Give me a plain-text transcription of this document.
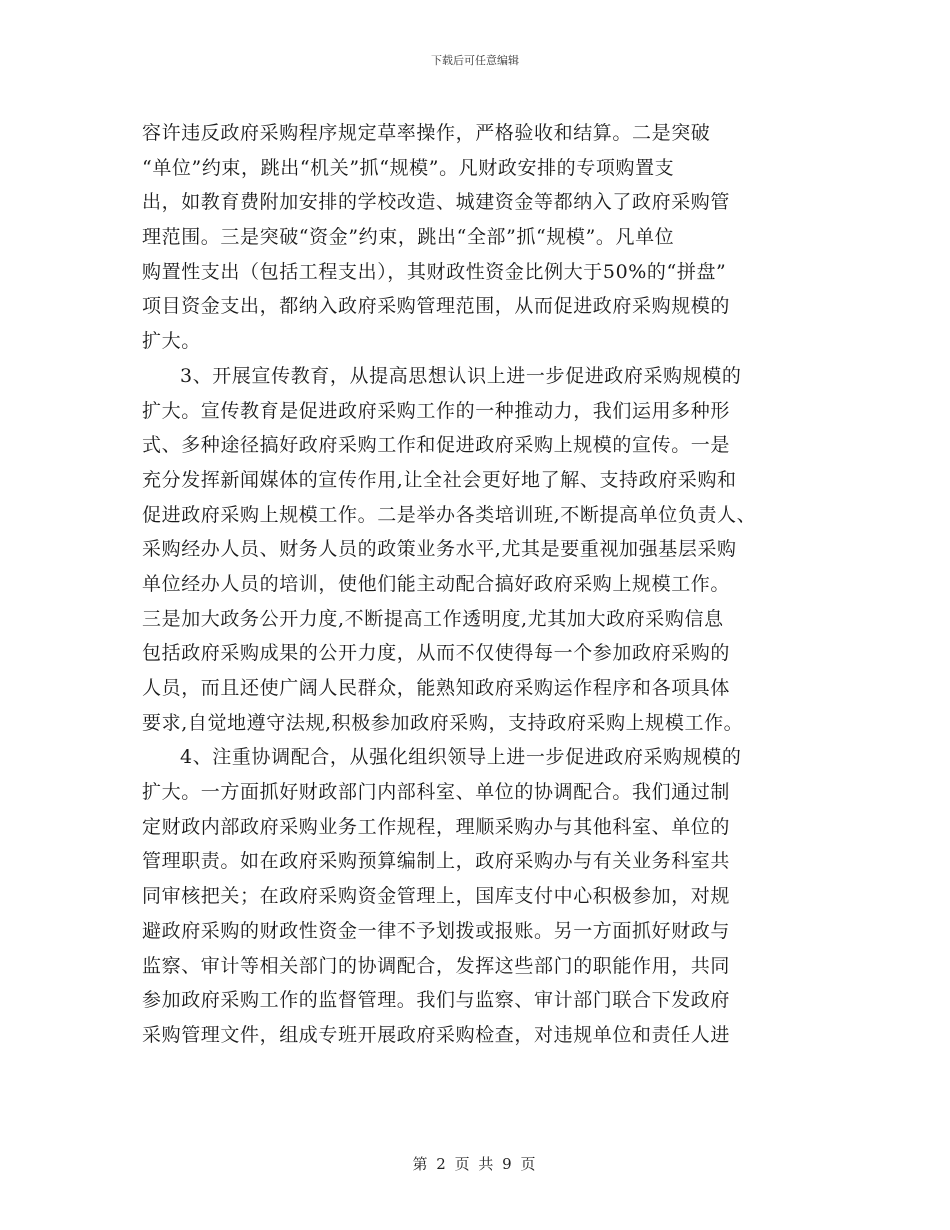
下载后可任意编辑
容许违反政府采购程序规定草率操作，严格验收和结算。二是突破
“单位”约束，跳出“机关”抓“规模”。凡财政安排的专项购置支
出，如教育费附加安排的学校改造、城建资金等都纳入了政府采购管
理范围。三是突破“资金”约束，跳出“全部”抓“规模”。凡单位
购置性支出（包括工程支出），其财政性资金比例大于50%的“拼盘”
项目资金支出，都纳入政府采购管理范围，从而促进政府采购规模的
扩大。
3、开展宣传教育，从提高思想认识上进一步促进政府采购规模的
扩大。宣传教育是促进政府采购工作的一种推动力，我们运用多种形
式、多种途径搞好政府采购工作和促进政府采购上规模的宣传。一是
充分发挥新闻媒体的宣传作用,让全社会更好地了解、支持政府采购和
促进政府采购上规模工作。二是举办各类培训班,不断提高单位负责人、
采购经办人员、财务人员的政策业务水平,尤其是要重视加强基层采购
单位经办人员的培训，使他们能主动配合搞好政府采购上规模工作。
三是加大政务公开力度,不断提高工作透明度,尤其加大政府采购信息
包括政府采购成果的公开力度，从而不仅使得每一个参加政府采购的
人员，而且还使广阔人民群众，能熟知政府采购运作程序和各项具体
要求,自觉地遵守法规,积极参加政府采购，支持政府采购上规模工作。
4、注重协调配合，从强化组织领导上进一步促进政府采购规模的
扩大。一方面抓好财政部门内部科室、单位的协调配合。我们通过制
定财政内部政府采购业务工作规程，理顺采购办与其他科室、单位的
管理职责。如在政府采购预算编制上，政府采购办与有关业务科室共
同审核把关；在政府采购资金管理上，国库支付中心积极参加，对规
避政府采购的财政性资金一律不予划拨或报账。另一方面抓好财政与
监察、审计等相关部门的协调配合，发挥这些部门的职能作用，共同
参加政府采购工作的监督管理。我们与监察、审计部门联合下发政府
采购管理文件，组成专班开展政府采购检查，对违规单位和责任人进
第 2 页 共 9 页
